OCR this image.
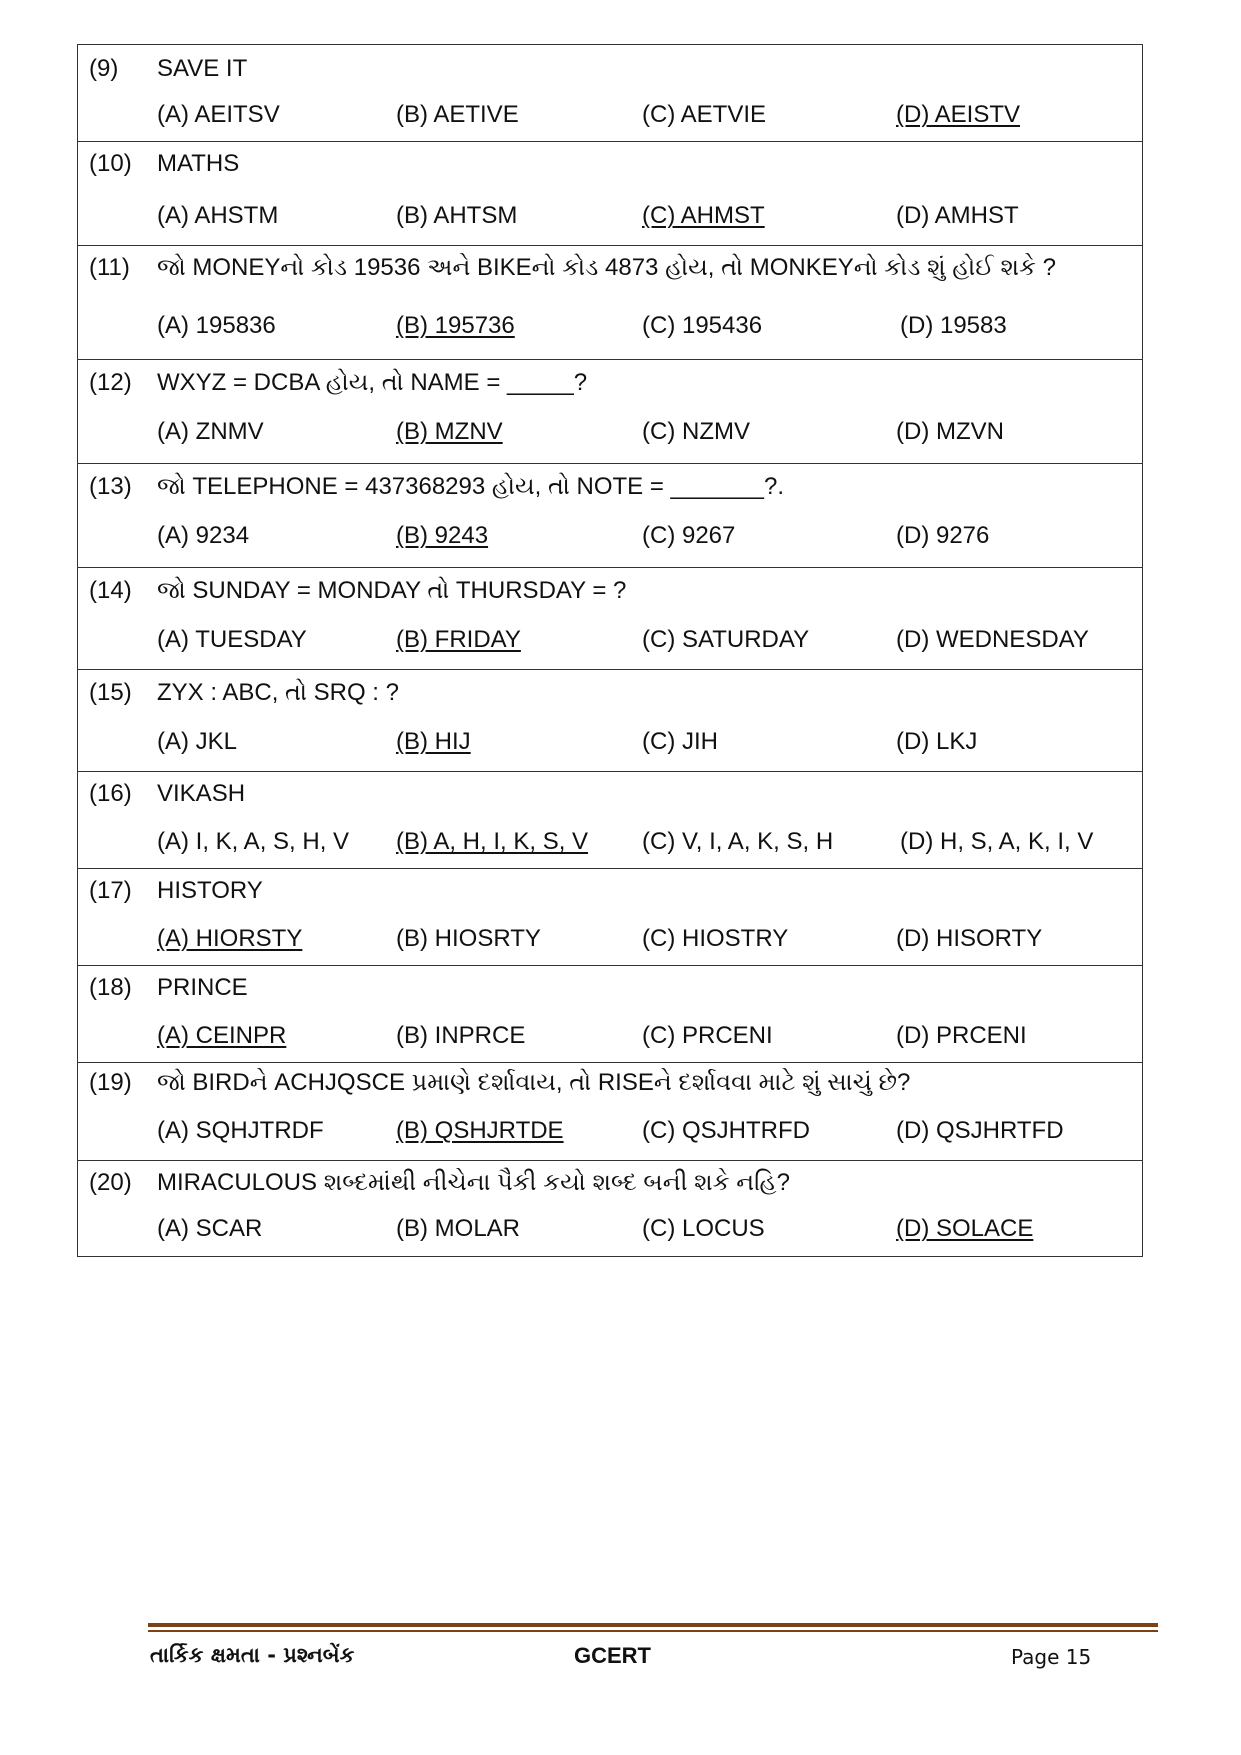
(9) SAVE IT
(A) AEITSV	(B) AETIVE	(C) AETVIE	(D) AEISTV
(10) MATHS
(A) AHSTM	(B) AHTSM	(C) AHMST	(D) AMHST
(11) જો MONEYનો કોડ 19536 અને BIKEનો કોડ 4873 હોય, તો MONKEYનો કોડ શું હોઈ શકે ?
(A) 195836	(B) 195736	(C) 195436	(D) 19583
(12) WXYZ = DCBA હોય, તો NAME = _____?
(A) ZNMV	(B) MZNV	(C) NZMV	(D) MZVN
(13) જો TELEPHONE = 437368293 હોય, તો NOTE = _______?.
(A) 9234	(B) 9243	(C) 9267	(D) 9276
(14) જો SUNDAY = MONDAY તો THURSDAY = ?
(A) TUESDAY	(B) FRIDAY	(C) SATURDAY	(D) WEDNESDAY
(15) ZYX : ABC, તો SRQ : ?
(A) JKL	(B) HIJ	(C) JIH	(D) LKJ
(16) VIKASH
(A) I, K, A, S, H, V (B) A, H, I, K, S, V (C) V, I, A, K, S, H	(D) H, S, A, K, I, V
(17) HISTORY
(A) HIORSTY	(B) HIOSRTY	(C) HIOSTRY	(D) HISORTY
(18) PRINCE
(A) CEINPR	(B) INPRCE	(C) PRCENI	(D) PRCENI
(19) જો BIRDને ACHJQSCE પ્રમાણે દર્શાવાય, તો RISEને દર્શાવવા માટે શું સાચું છે?
(A) SQHJTRDF	(B) QSHJRTDE	(C) QSJHTRFD	(D) QSJHRTFD
(20) MIRACULOUS શબ્દમાંથી નીચેના પૈકી કયો શબ્દ બની શકે નહિ?
(A) SCAR	(B) MOLAR	(C) LOCUS	(D) SOLACE
તાર્કિક ક્ષમતા - પ્રશ્નબેંક	GCERT	Page 15
